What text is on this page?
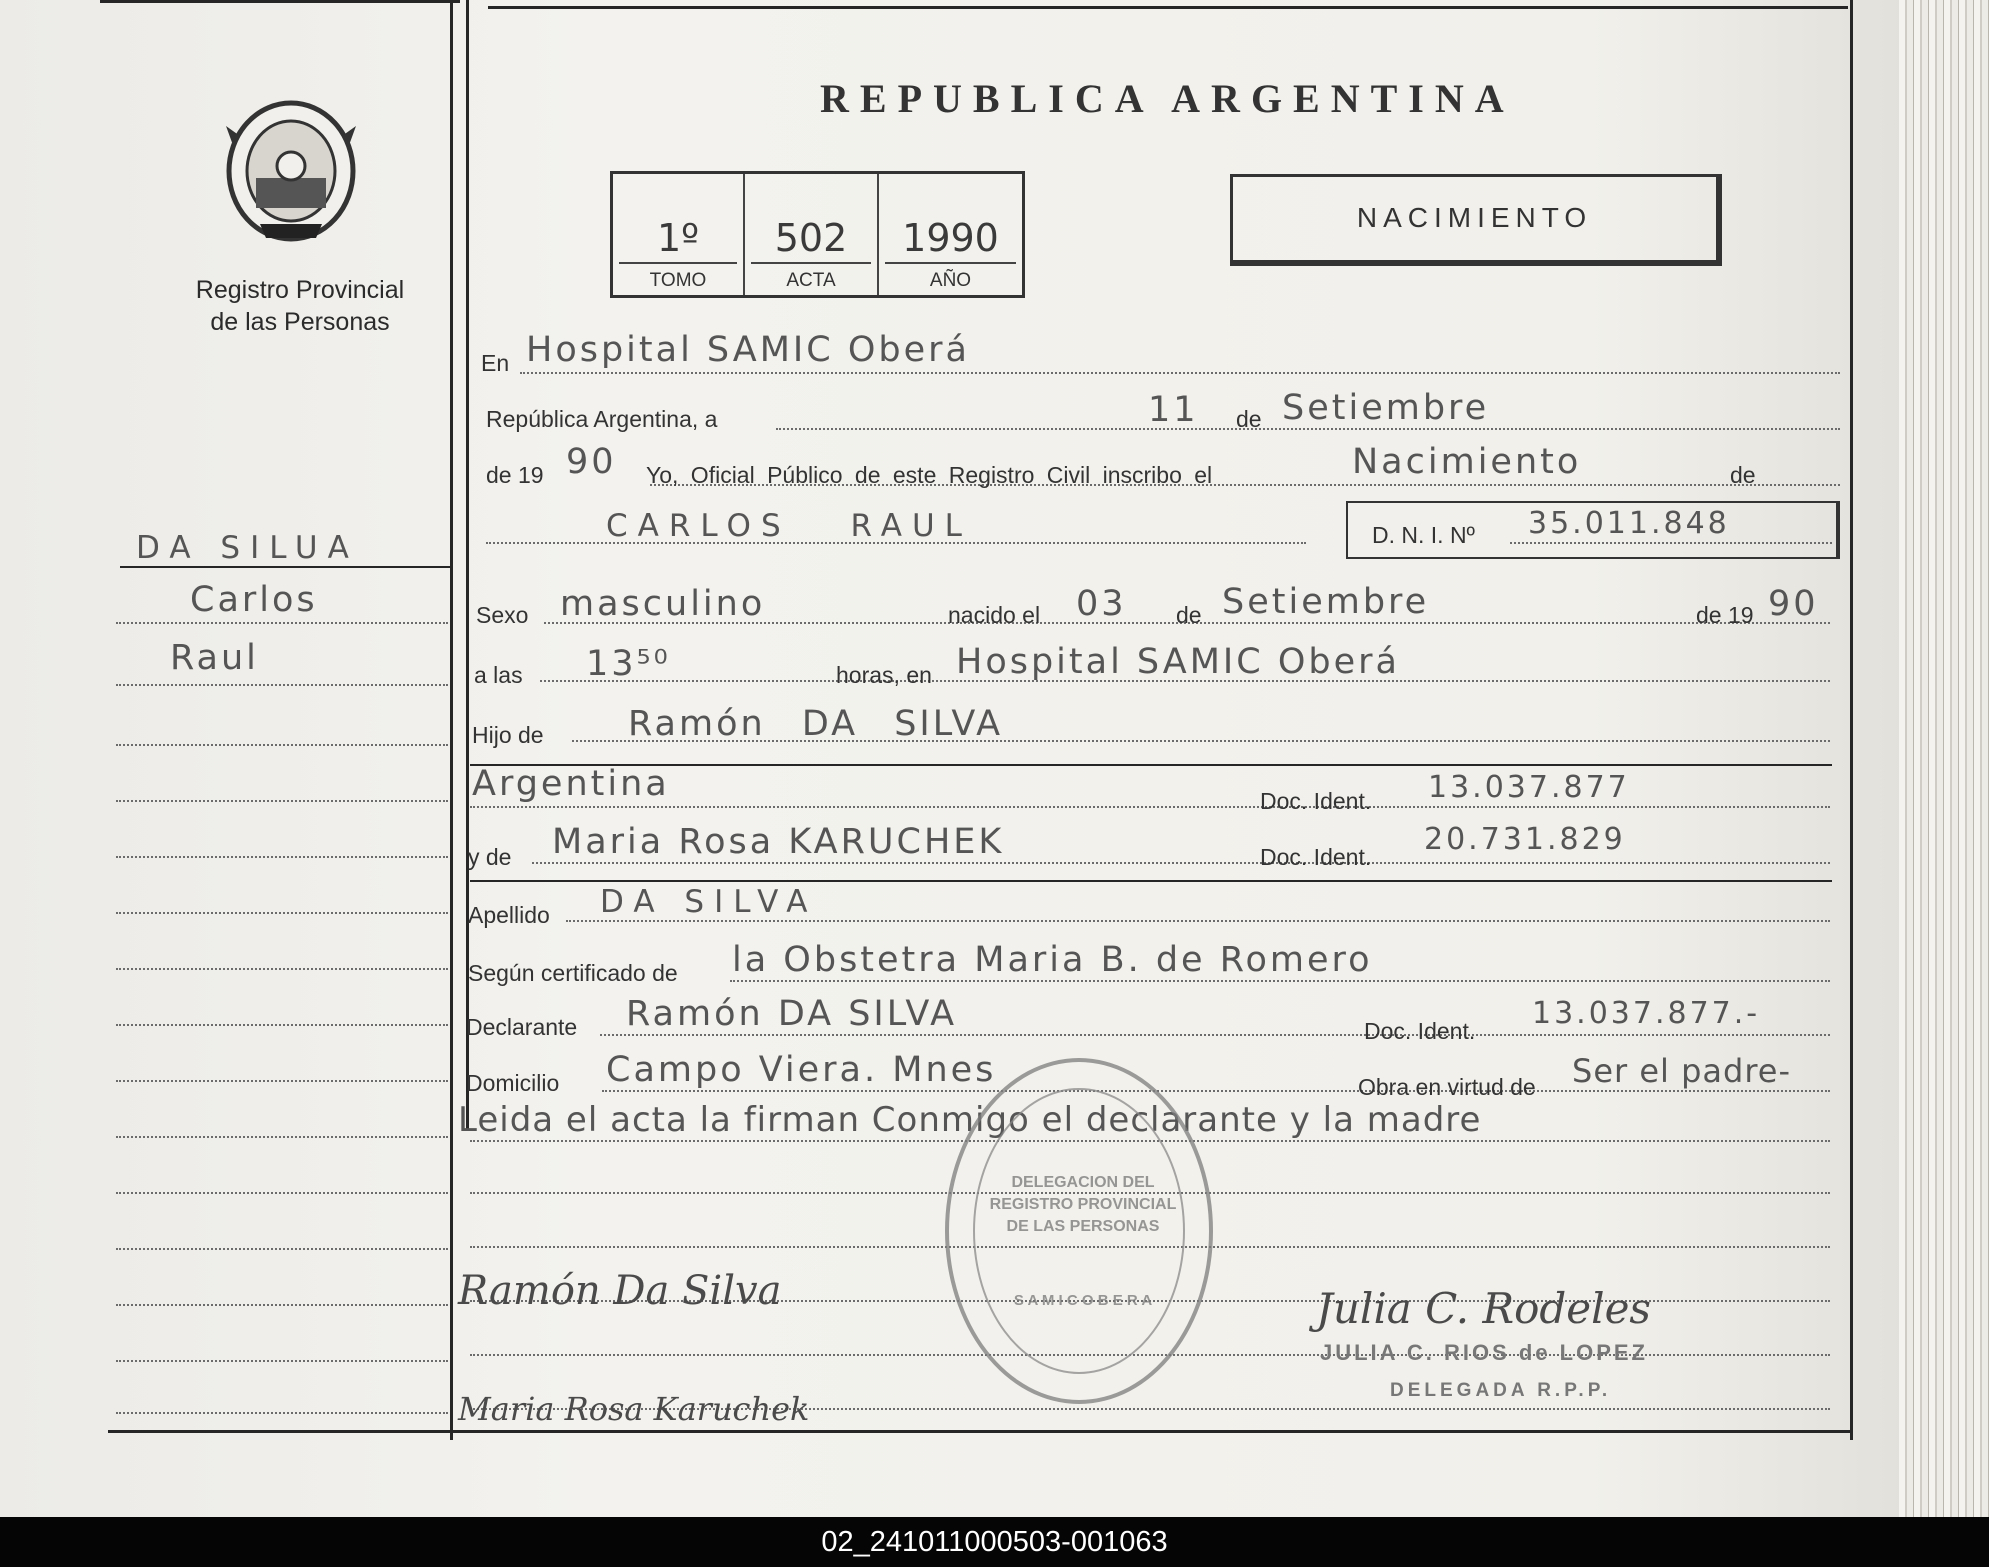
Registro Provincial
de las Personas
REPUBLICA ARGENTINA
1º
TOMO
502
ACTA
1990
AÑO
NACIMIENTO
DA SILUA
Carlos
Raul
En Hospital SAMIC Oberá
República Argentina, a	11 de Setiembre
de 19 90 Yo, Oficial Público de este Registro Civil inscribo el	Nacimiento	de
CARLOS RAUL	D. N. I. Nº 35.011.848
Sexo masculino	nacido el 03 de Setiembre	de 19 90
a las 13⁵⁰	horas, en Hospital SAMIC Oberá
Hijo de Ramón DA SILVA
Argentina	Doc. Ident. 13.037.877
y de Maria Rosa KARUCHEK	Doc. Ident. 20.731.829
Apellido DA SILVA
Según certificado de la Obstetra Maria B. de Romero
Declarante Ramón DA SILVA	Doc. Ident. 13.037.877.-
Domicilio Campo Viera. Mnes	Obra en virtud de Ser el padre-
Leida el acta la firman Conmigo el declarante y la madre
DELEGACION DEL REGISTRO PROVINCIAL DE LAS PERSONAS
S A M I C O B E R A
Ramón Da Silva
Maria Rosa Karuchek
Julia C. Rodeles
JULIA C. RIOS de LOPEZ
DELEGADA R.P.P.
02_241011000503-001063
